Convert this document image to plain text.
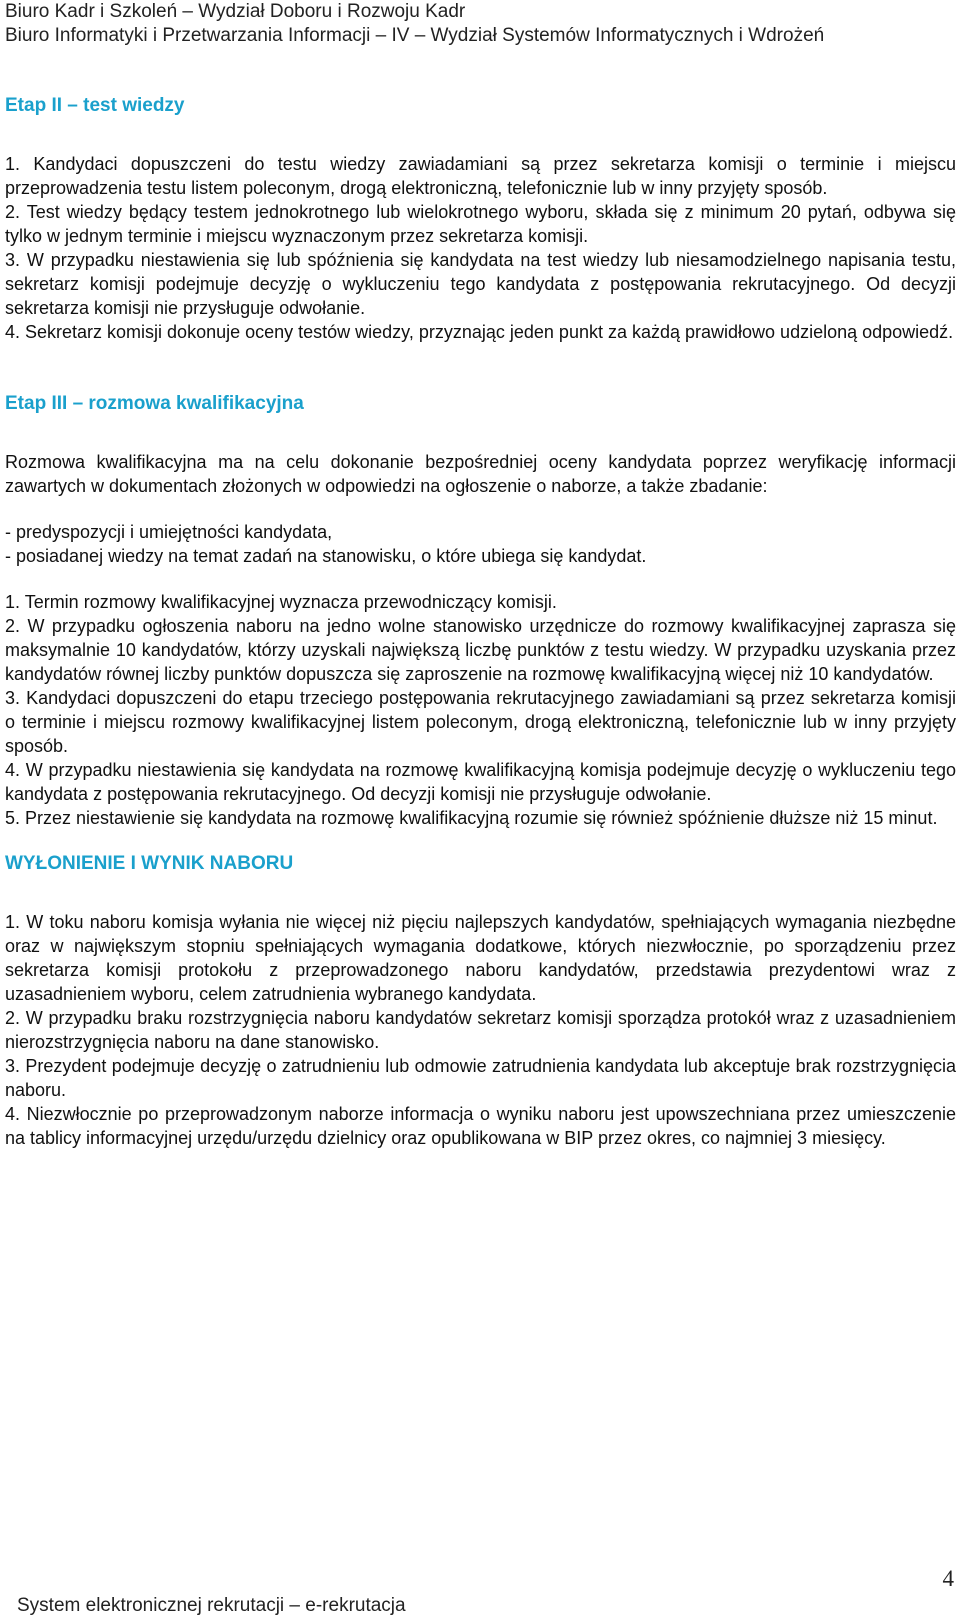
Biuro Kadr i Szkoleń – Wydział Doboru i Rozwoju Kadr
Biuro Informatyki i Przetwarzania Informacji – IV – Wydział Systemów Informatycznych i Wdrożeń
Etap II – test wiedzy

1. Kandydaci dopuszczeni do testu wiedzy zawiadamiani są przez sekretarza komisji o terminie i miejscu przeprowadzenia testu listem poleconym, drogą elektroniczną, telefonicznie lub w inny przyjęty sposób.

2. Test wiedzy będący testem jednokrotnego lub wielokrotnego wyboru, składa się z minimum 20 pytań, odbywa się tylko w jednym terminie i miejscu wyznaczonym przez sekretarza komisji.

3. W przypadku niestawienia się lub spóźnienia się kandydata na test wiedzy lub niesamodzielnego napisania testu, sekretarz komisji podejmuje decyzję o wykluczeniu tego kandydata z postępowania rekrutacyjnego. Od decyzji sekretarza komisji nie przysługuje odwołanie.

4. Sekretarz komisji dokonuje oceny testów wiedzy, przyznając jeden punkt za każdą prawidłowo udzieloną odpowiedź.

Etap III – rozmowa kwalifikacyjna

Rozmowa kwalifikacyjna ma na celu dokonanie bezpośredniej oceny kandydata poprzez weryfikację informacji zawartych w dokumentach złożonych w odpowiedzi na ogłoszenie o naborze, a także zbadanie:

- predyspozycji i umiejętności kandydata,

- posiadanej wiedzy na temat zadań na stanowisku, o które ubiega się kandydat.

1. Termin rozmowy kwalifikacyjnej wyznacza przewodniczący komisji.

2. W przypadku ogłoszenia naboru na jedno wolne stanowisko urzędnicze do rozmowy kwalifikacyjnej zaprasza się maksymalnie 10 kandydatów, którzy uzyskali największą liczbę punktów z testu wiedzy. W przypadku uzyskania przez kandydatów równej liczby punktów dopuszcza się zaproszenie na rozmowę kwalifikacyjną więcej niż 10 kandydatów.

3. Kandydaci dopuszczeni do etapu trzeciego postępowania rekrutacyjnego zawiadamiani są przez sekretarza komisji o terminie i miejscu rozmowy kwalifikacyjnej listem poleconym, drogą elektroniczną, telefonicznie lub w inny przyjęty sposób.

4. W przypadku niestawienia się kandydata na rozmowę kwalifikacyjną komisja podejmuje decyzję o wykluczeniu tego kandydata z postępowania rekrutacyjnego. Od decyzji komisji nie przysługuje odwołanie.

5. Przez niestawienie się kandydata na rozmowę kwalifikacyjną rozumie się również spóźnienie dłuższe niż 15 minut.

WYŁONIENIE I WYNIK NABORU

1. W toku naboru komisja wyłania nie więcej niż pięciu najlepszych kandydatów, spełniających wymagania niezbędne oraz w największym stopniu spełniających wymagania dodatkowe, których niezwłocznie, po sporządzeniu przez sekretarza komisji protokołu z przeprowadzonego naboru kandydatów, przedstawia prezydentowi wraz z uzasadnieniem wyboru, celem zatrudnienia wybranego kandydata.

2. W przypadku braku rozstrzygnięcia naboru kandydatów sekretarz komisji sporządza protokół wraz z uzasadnieniem nierozstrzygnięcia naboru na dane stanowisko.

3. Prezydent podejmuje decyzję o zatrudnieniu lub odmowie zatrudnienia kandydata lub akceptuje brak rozstrzygnięcia naboru.

4. Niezwłocznie po przeprowadzonym naborze informacja o wyniku naboru jest upowszechniana przez umieszczenie na tablicy informacyjnej urzędu/urzędu dzielnicy oraz opublikowana w BIP przez okres, co najmniej 3 miesięcy.

4
System elektronicznej rekrutacji – e-rekrutacja
